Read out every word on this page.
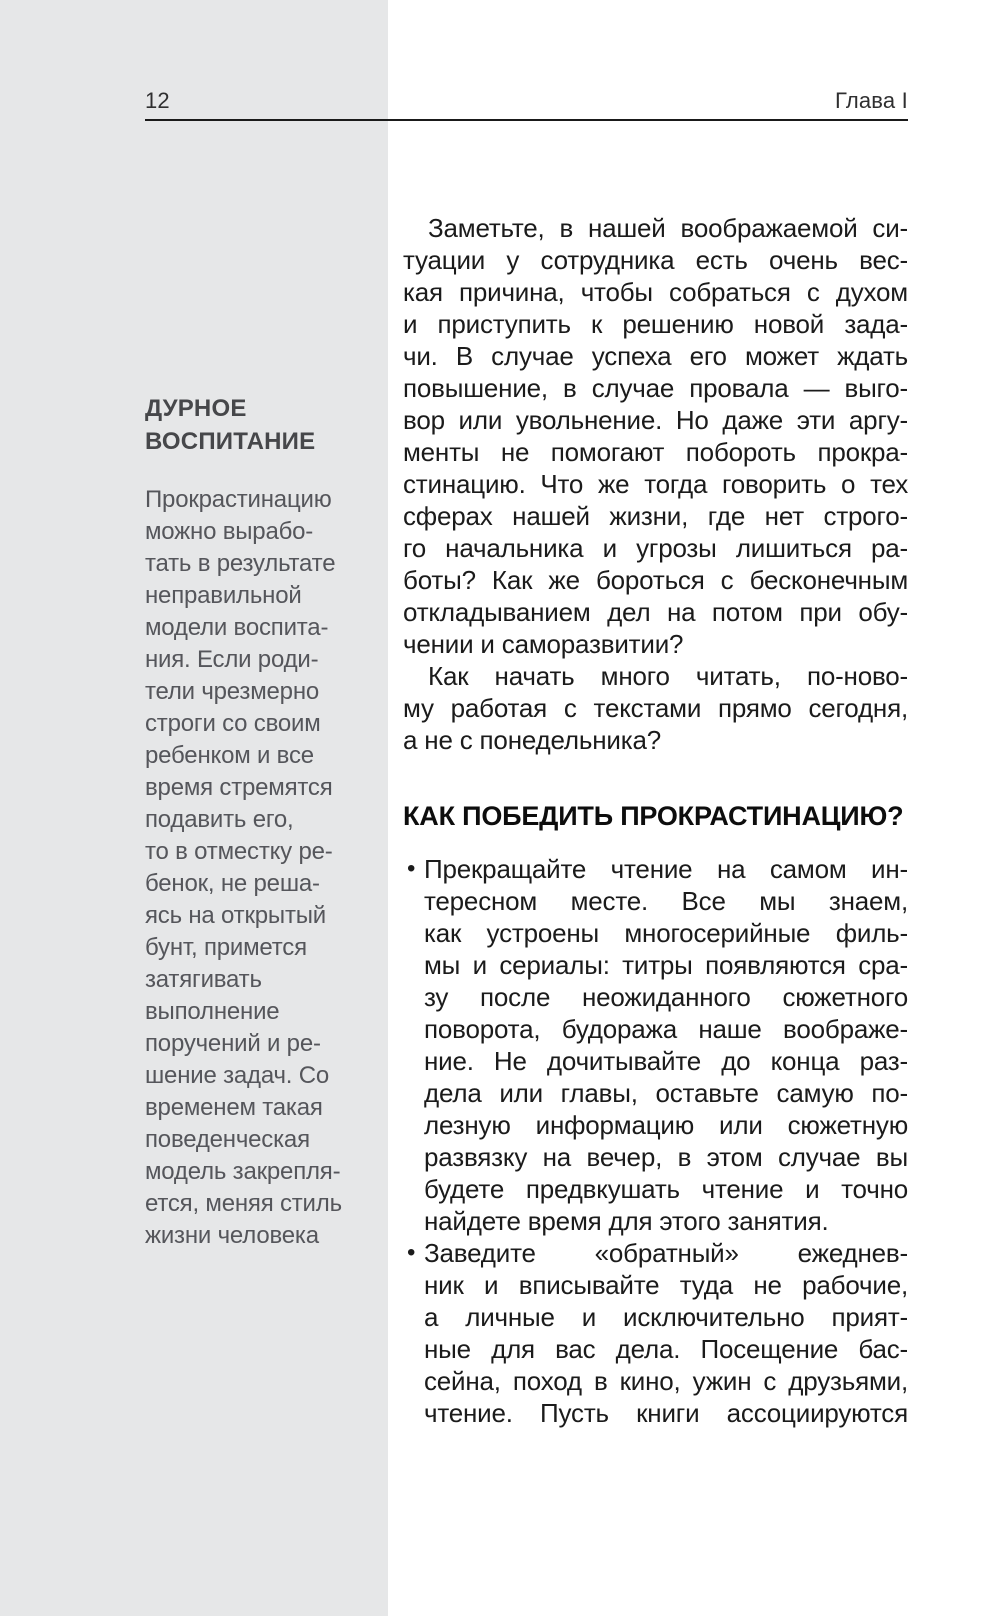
12	Глава I
ДУРНОЕ ВОСПИТАНИЕ
Прокрастинацию
можно вырабо-
тать в результате
неправильной
модели воспита-
ния. Если роди-
тели чрезмерно
строги со своим
ребенком и все
время стремятся
подавить его,
то в отместку ре-
бенок, не реша-
ясь на открытый
бунт, примется
затягивать
выполнение
поручений и ре-
шение задач. Со
временем такая
поведенческая
модель закрепля-
ется, меняя стиль
жизни человека
Заметьте, в нашей воображаемой си-
туации у сотрудника есть очень вес-
кая причина, чтобы собраться с духом
и приступить к решению новой зада-
чи. В случае успеха его может ждать
повышение, в случае провала — выго-
вор или увольнение. Но даже эти аргу-
менты не помогают побороть прокра-
стинацию. Что же тогда говорить о тех
сферах нашей жизни, где нет строго-
го начальника и угрозы лишиться ра-
боты? Как же бороться с бесконечным
откладыванием дел на потом при обу-
чении и саморазвитии?
Как начать много читать, по-ново-
му работая с текстами прямо сегодня,
а не с понедельника?
КАК ПОБЕДИТЬ ПРОКРАСТИНАЦИЮ?
• Прекращайте чтение на самом ин-
тересном месте. Все мы знаем,
как устроены многосерийные филь-
мы и сериалы: титры появляются сра-
зу после неожиданного сюжетного
поворота, будоража наше воображе-
ние. Не дочитывайте до конца раз-
дела или главы, оставьте самую по-
лезную информацию или сюжетную
развязку на вечер, в этом случае вы
будете предвкушать чтение и точно
найдете время для этого занятия.
• Заведите «обратный» ежеднев-
ник и вписывайте туда не рабочие,
а личные и исключительно прият-
ные для вас дела. Посещение бас-
сейна, поход в кино, ужин с друзьями,
чтение. Пусть книги ассоциируются
